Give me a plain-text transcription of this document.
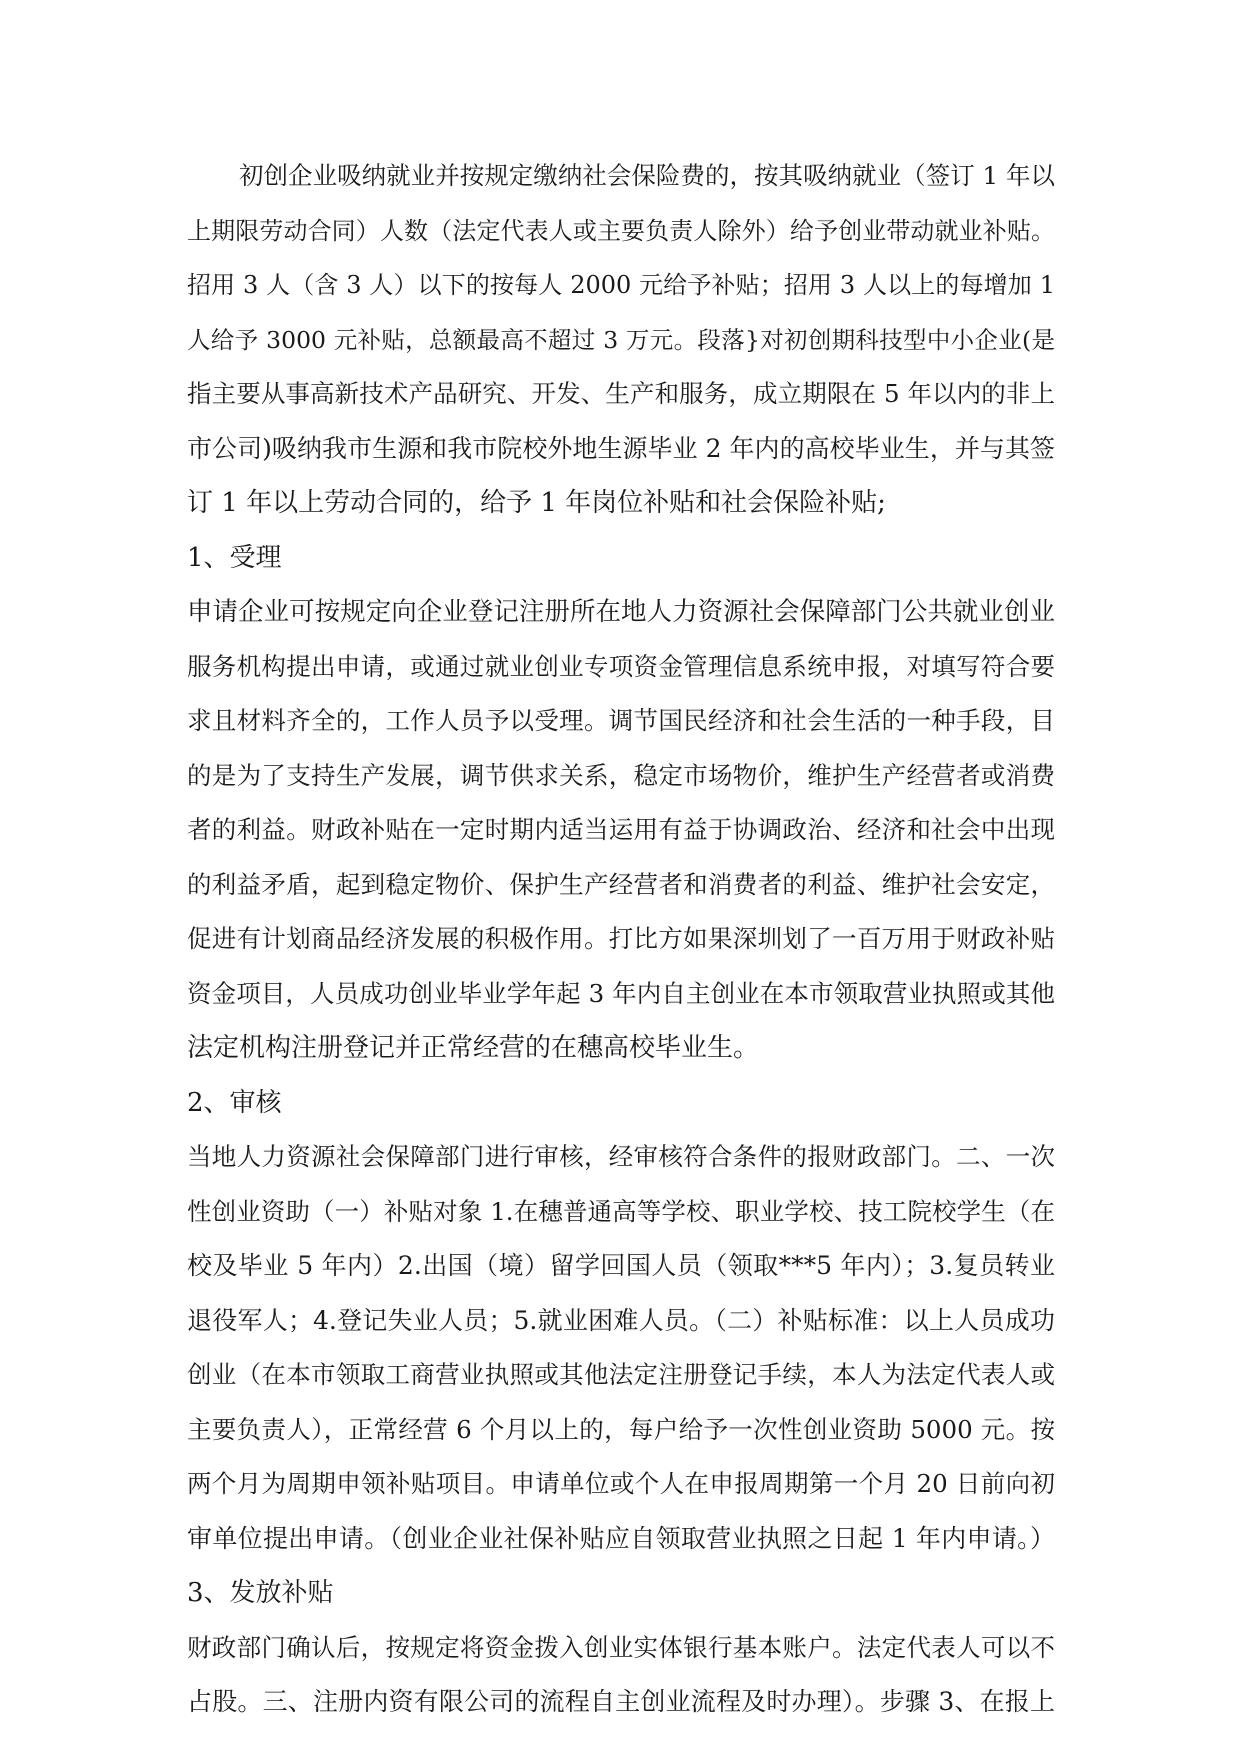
初创企业吸纳就业并按规定缴纳社会保险费的，按其吸纳就业（签订 1 年以
上期限劳动合同）人数（法定代表人或主要负责人除外）给予创业带动就业补贴。
招用 3 人（含 3 人）以下的按每人 2000 元给予补贴；招用 3 人以上的每增加 1
人给予 3000 元补贴，总额最高不超过 3 万元。段落}对初创期科技型中小企业(是
指主要从事高新技术产品研究、开发、生产和服务，成立期限在 5 年以内的非上
市公司)吸纳我市生源和我市院校外地生源毕业 2 年内的高校毕业生，并与其签
订 1 年以上劳动合同的，给予 1 年岗位补贴和社会保险补贴;
1、受理
申请企业可按规定向企业登记注册所在地人力资源社会保障部门公共就业创业
服务机构提出申请，或通过就业创业专项资金管理信息系统申报，对填写符合要
求且材料齐全的，工作人员予以受理。调节国民经济和社会生活的一种手段，目
的是为了支持生产发展，调节供求关系，稳定市场物价，维护生产经营者或消费
者的利益。财政补贴在一定时期内适当运用有益于协调政治、经济和社会中出现
的利益矛盾，起到稳定物价、保护生产经营者和消费者的利益、维护社会安定，
促进有计划商品经济发展的积极作用。打比方如果深圳划了一百万用于财政补贴
资金项目，人员成功创业毕业学年起 3 年内自主创业在本市领取营业执照或其他
法定机构注册登记并正常经营的在穗高校毕业生。
2、审核
当地人力资源社会保障部门进行审核，经审核符合条件的报财政部门。二、一次
性创业资助（一）补贴对象 1.在穗普通高等学校、职业学校、技工院校学生（在
校及毕业 5 年内）2.出国（境）留学回国人员（领取***5 年内）；3.复员转业
退役军人；4.登记失业人员；5.就业困难人员。（二）补贴标准：以上人员成功
创业（在本市领取工商营业执照或其他法定注册登记手续，本人为法定代表人或
主要负责人），正常经营 6 个月以上的，每户给予一次性创业资助 5000 元。按
两个月为周期申领补贴项目。申请单位或个人在申报周期第一个月 20 日前向初
审单位提出申请。（创业企业社保补贴应自领取营业执照之日起 1 年内申请。）
3、发放补贴
财政部门确认后，按规定将资金拨入创业实体银行基本账户。法定代表人可以不
占股。三、注册内资有限公司的流程自主创业流程及时办理）。步骤 3、在报上
